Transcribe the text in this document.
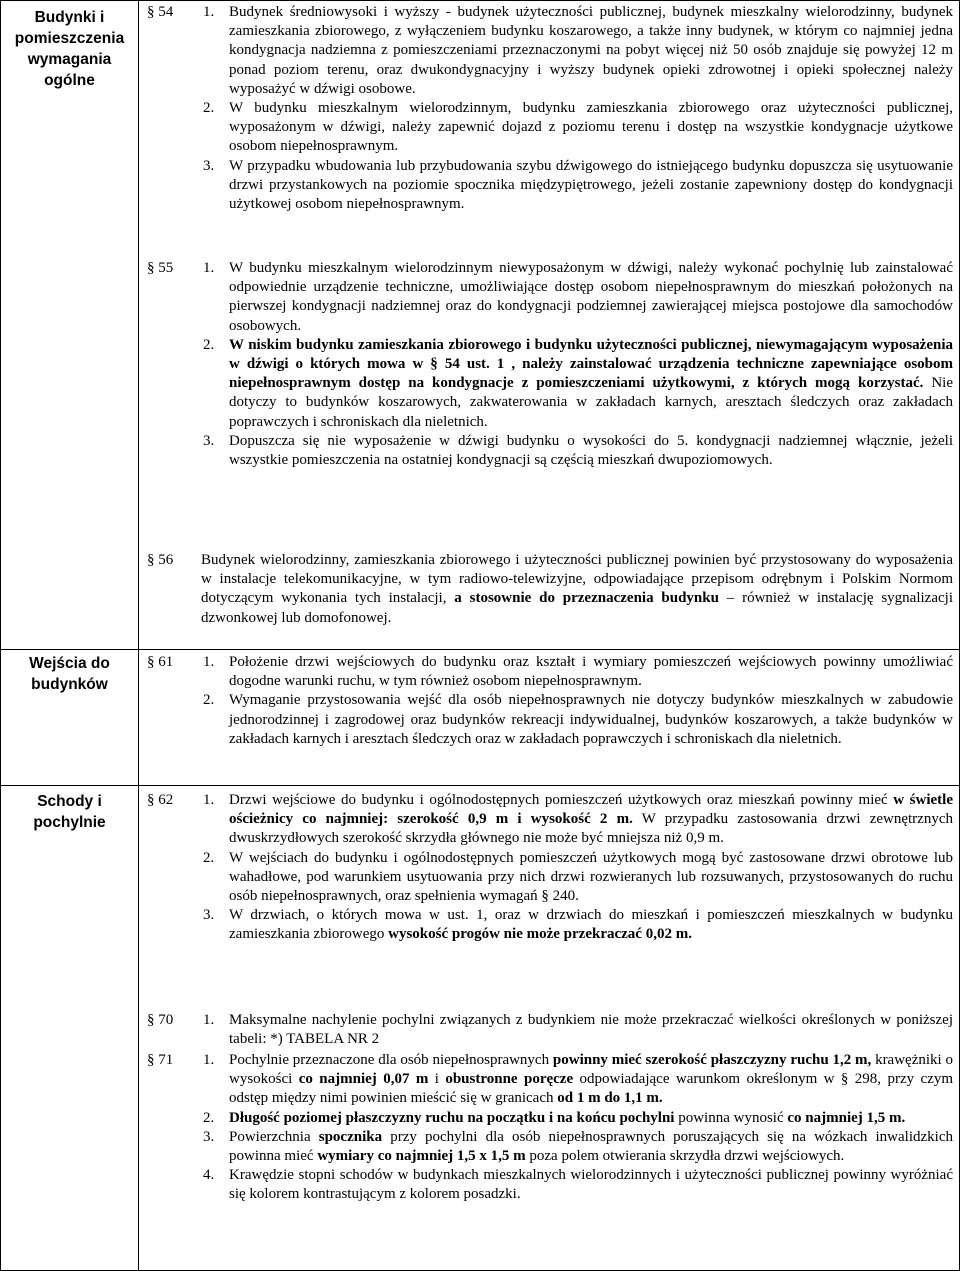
Budynki i pomieszczenia wymagania ogólne
Wejścia do budynków
Schody i pochylnie
§ 54 1. Budynek średniowysoki i wyższy - budynek użyteczności publicznej, budynek mieszkalny wielorodzinny, budynek zamieszkania zbiorowego, z wyłączeniem budynku koszarowego, a także inny budynek, w którym co najmniej jedna kondygnacja nadziemna z pomieszczeniami przeznaczonymi na pobyt więcej niż 50 osób znajduje się powyżej 12 m ponad poziom terenu, oraz dwukondygnacyjny i wyższy budynek opieki zdrowotnej i opieki społecznej należy wyposażyć w dźwigi osobowe.
2. W budynku mieszkalnym wielorodzinnym, budynku zamieszkania zbiorowego oraz użyteczności publicznej, wyposażonym w dźwigi, należy zapewnić dojazd z poziomu terenu i dostęp na wszystkie kondygnacje użytkowe osobom niepełnosprawnym.
3. W przypadku wbudowania lub przybudowania szybu dźwigowego do istniejącego budynku dopuszcza się usytuowanie drzwi przystankowych na poziomie spocznika międzypiętrowego, jeżeli zostanie zapewniony dostęp do kondygnacji użytkowej osobom niepełnosprawnym.
§ 55 1. W budynku mieszkalnym wielorodzinnym niewyposażonym w dźwigi, należy wykonać pochylnię lub zainstalować odpowiednie urządzenie techniczne, umożliwiające dostęp osobom niepełnosprawnym do mieszkań położonych na pierwszej kondygnacji nadziemnej oraz do kondygnacji podziemnej zawierającej miejsca postojowe dla samochodów osobowych.
2. W niskim budynku zamieszkania zbiorowego i budynku użyteczności publicznej, niewymagającym wyposażenia w dźwigi o których mowa w § 54 ust. 1 , należy zainstalować urządzenia techniczne zapewniające osobom niepełnosprawnym dostęp na kondygnacje z pomieszczeniami użytkowymi, z których mogą korzystać. Nie dotyczy to budynków koszarowych, zakwaterowania w zakładach karnych, aresztach śledczych oraz zakładach poprawczych i schroniskach dla nieletnich.
3. Dopuszcza się nie wyposażenie w dźwigi budynku o wysokości do 5. kondygnacji nadziemnej włącznie, jeżeli wszystkie pomieszczenia na ostatniej kondygnacji są częścią mieszkań dwupoziomowych.
§ 56	Budynek wielorodzinny, zamieszkania zbiorowego i użyteczności publicznej powinien być przystosowany do wyposażenia w instalacje telekomunikacyjne, w tym radiowo-telewizyjne, odpowiadające przepisom odrębnym i Polskim Normom dotyczącym wykonania tych instalacji, a stosownie do przeznaczenia budynku – również w instalację sygnalizacji dzwonkowej lub domofonowej.
§ 61 1. Położenie drzwi wejściowych do budynku oraz kształt i wymiary pomieszczeń wejściowych powinny umożliwiać dogodne warunki ruchu, w tym również osobom niepełnosprawnym.
2. Wymaganie przystosowania wejść dla osób niepełnosprawnych nie dotyczy budynków mieszkalnych w zabudowie jednorodzinnej i zagrodowej oraz budynków rekreacji indywidualnej, budynków koszarowych, a także budynków w zakładach karnych i aresztach śledczych oraz w zakładach poprawczych i schroniskach dla nieletnich.
§ 62 1. Drzwi wejściowe do budynku i ogólnodostępnych pomieszczeń użytkowych oraz mieszkań powinny mieć w świetle ościeżnicy co najmniej: szerokość 0,9 m i wysokość 2 m. W przypadku zastosowania drzwi zewnętrznych dwuskrzydłowych szerokość skrzydła głównego nie może być mniejsza niż 0,9 m.
2. W wejściach do budynku i ogólnodostępnych pomieszczeń użytkowych mogą być zastosowane drzwi obrotowe lub wahadłowe, pod warunkiem usytuowania przy nich drzwi rozwieranych lub rozsuwanych, przystosowanych do ruchu osób niepełnosprawnych, oraz spełnienia wymagań § 240.
3. W drzwiach, o których mowa w ust. 1, oraz w drzwiach do mieszkań i pomieszczeń mieszkalnych w budynku zamieszkania zbiorowego wysokość progów nie może przekraczać 0,02 m.
§ 70 1. Maksymalne nachylenie pochylni związanych z budynkiem nie może przekraczać wielkości określonych w poniższej tabeli: *) TABELA NR 2
§ 71 1. Pochylnie przeznaczone dla osób niepełnosprawnych powinny mieć szerokość płaszczyzny ruchu 1,2 m, krawężniki o wysokości co najmniej 0,07 m i obustronne poręcze odpowiadające warunkom określonym w § 298, przy czym odstęp między nimi powinien mieścić się w granicach od 1 m do 1,1 m.
2. Długość poziomej płaszczyzny ruchu na początku i na końcu pochylni powinna wynosić co najmniej 1,5 m.
3. Powierzchnia spocznika przy pochylni dla osób niepełnosprawnych poruszających się na wózkach inwalidzkich powinna mieć wymiary co najmniej 1,5 x 1,5 m poza polem otwierania skrzydła drzwi wejściowych.
4. Krawędzie stopni schodów w budynkach mieszkalnych wielorodzinnych i użyteczności publicznej powinny wyróżniać się kolorem kontrastującym z kolorem posadzki.
